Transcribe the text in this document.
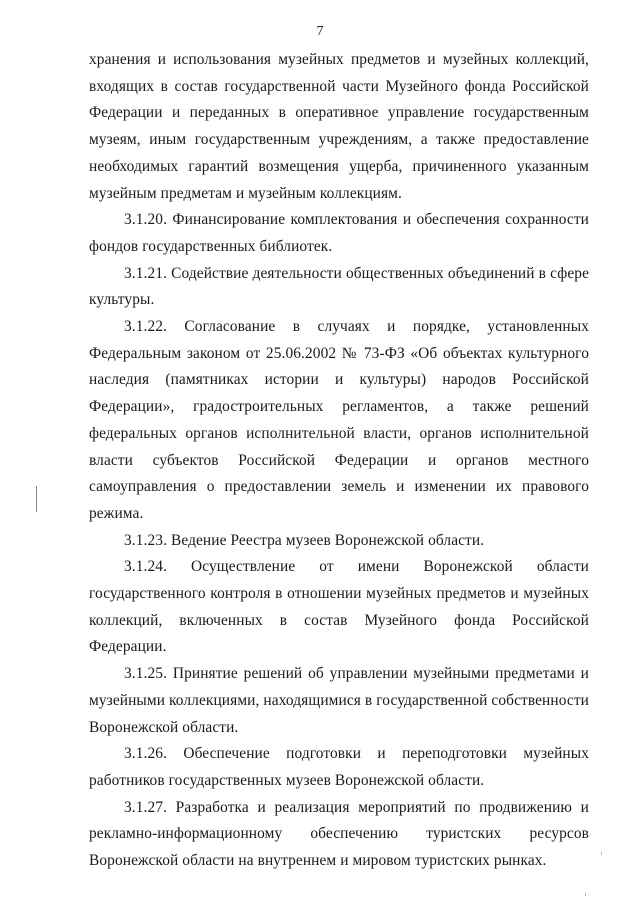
7

хранения и использования музейных предметов и музейных коллекций, входящих в состав государственной части Музейного фонда Российской Федерации и переданных в оперативное управление государственным музеям, иным государственным учреждениям, а также предоставление необходимых гарантий возмещения ущерба, причиненного указанным музейным предметам и музейным коллекциям.

3.1.20. Финансирование комплектования и обеспечения сохранности фондов государственных библиотек.

3.1.21. Содействие деятельности общественных объединений в сфере культуры.

3.1.22. Согласование в случаях и порядке, установленных Федеральным законом от 25.06.2002 № 73-ФЗ «Об объектах культурного наследия (памятниках истории и культуры) народов Российской Федерации», градостроительных регламентов, а также решений федеральных органов исполнительной власти, органов исполнительной власти субъектов Российской Федерации и органов местного самоуправления о предоставлении земель и изменении их правового режима.

3.1.23. Ведение Реестра музеев Воронежской области.

3.1.24. Осуществление от имени Воронежской области государственного контроля в отношении музейных предметов и музейных коллекций, включенных в состав Музейного фонда Российской Федерации.

3.1.25. Принятие решений об управлении музейными предметами и музейными коллекциями, находящимися в государственной собственности Воронежской области.

3.1.26. Обеспечение подготовки и переподготовки музейных работников государственных музеев Воронежской области.

3.1.27. Разработка и реализация мероприятий по продвижению и рекламно-информационному обеспечению туристских ресурсов Воронежской области на внутреннем и мировом туристских рынках.
